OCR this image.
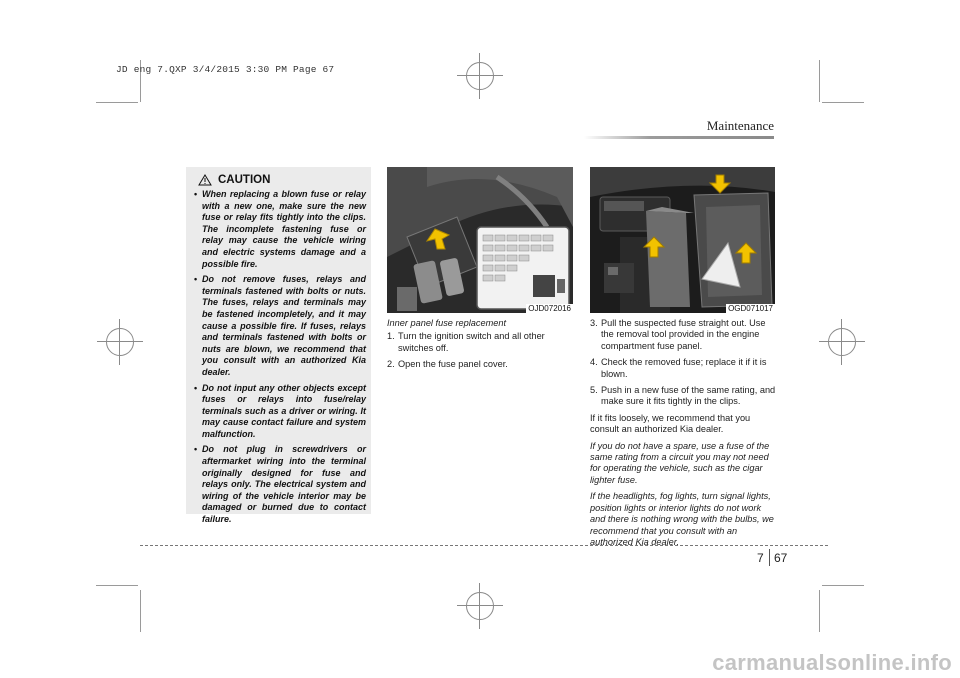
JD eng 7.QXP 3/4/2015 3:30 PM Page 67
Maintenance
CAUTION
• When replacing a blown fuse or relay with a new one, make sure the new fuse or relay fits tightly into the clips. The incomplete fastening fuse or relay may cause the vehicle wiring and electric systems damage and a possible fire.
• Do not remove fuses, relays and terminals fastened with bolts or nuts. The fuses, relays and terminals may be fastened incompletely, and it may cause a possible fire. If fuses, relays and terminals fastened with bolts or nuts are blown, we recommend that you consult with an authorized Kia dealer.
• Do not input any other objects except fuses or relays into fuse/relay terminals such as a driver or wiring. It may cause contact failure and system malfunction.
• Do not plug in screwdrivers or aftermarket wiring into the terminal originally designed for fuse and relays only. The electrical system and wiring of the vehicle interior may be damaged or burned due to contact failure.
OJD072016	OGD071017
Inner panel fuse replacement
1. Turn the ignition switch and all other switches off.
2. Open the fuse panel cover.
3. Pull the suspected fuse straight out. Use the removal tool provided in the engine compartment fuse panel.
4. Check the removed fuse; replace it if it is blown.
5. Push in a new fuse of the same rating, and make sure it fits tightly in the clips.

If it fits loosely, we recommend that you consult an authorized Kia dealer.

If you do not have a spare, use a fuse of the same rating from a circuit you may not need for operating the vehicle, such as the cigar lighter fuse.

If the headlights, fog lights, turn signal lights, position lights or interior lights do not work and there is nothing wrong with the bulbs, we recommend that you consult with an authorized Kia dealer.

7 67
carmanualsonline.info
